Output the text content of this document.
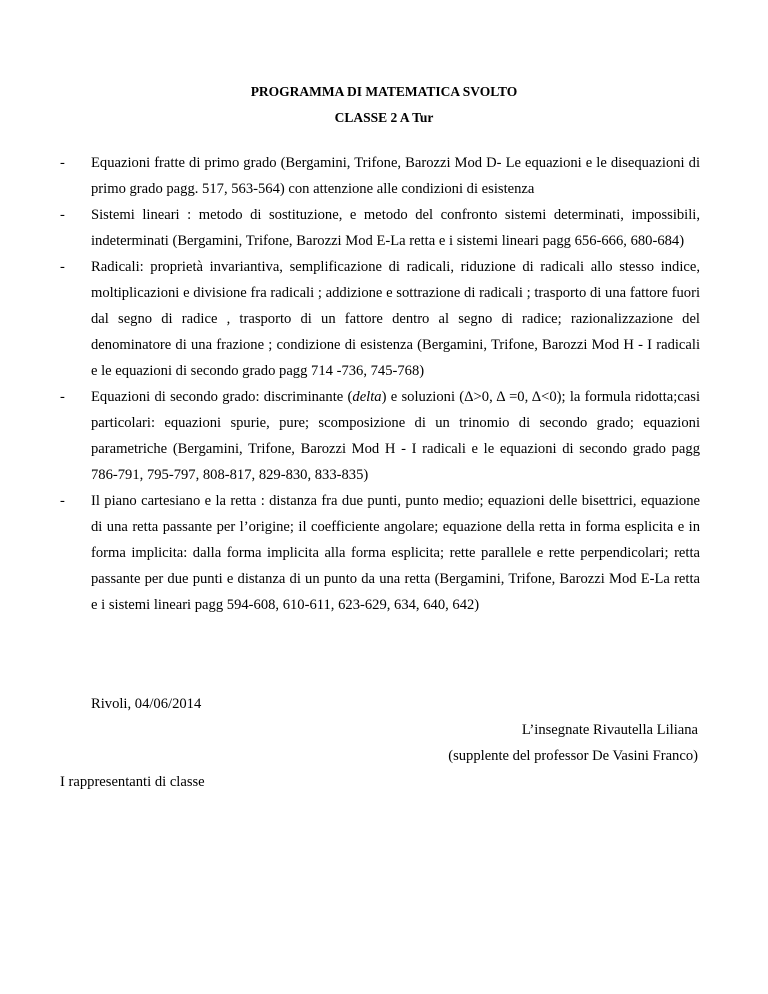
PROGRAMMA DI MATEMATICA SVOLTO
CLASSE 2 A Tur
- Equazioni fratte di primo grado (Bergamini, Trifone, Barozzi Mod D- Le equazioni e le disequazioni di primo grado pagg. 517, 563-564) con attenzione alle condizioni di esistenza
- Sistemi lineari : metodo di sostituzione, e metodo del confronto sistemi determinati, impossibili, indeterminati (Bergamini, Trifone, Barozzi Mod E-La retta e i sistemi lineari pagg 656-666, 680-684)
- Radicali: proprietà invariantiva, semplificazione di radicali, riduzione di radicali allo stesso indice, moltiplicazioni e divisione fra radicali ; addizione e sottrazione di radicali ; trasporto di una fattore fuori dal segno di radice , trasporto di un fattore dentro al segno di radice; razionalizzazione del denominatore di una frazione ; condizione di esistenza (Bergamini, Trifone, Barozzi Mod H - I radicali e le equazioni di secondo grado pagg 714 -736, 745-768)
- Equazioni di secondo grado: discriminante (delta) e soluzioni (Δ>0, Δ =0, Δ<0); la formula ridotta;casi particolari: equazioni spurie, pure; scomposizione di un trinomio di secondo grado; equazioni parametriche (Bergamini, Trifone, Barozzi Mod H - I radicali e le equazioni di secondo grado pagg 786-791, 795-797, 808-817, 829-830, 833-835)
- Il piano cartesiano e la retta : distanza fra due punti, punto medio; equazioni delle bisettrici, equazione di una retta passante per l’origine; il coefficiente angolare; equazione della retta in forma esplicita e in forma implicita: dalla forma implicita alla forma esplicita; rette parallele e rette perpendicolari; retta passante per due punti e distanza di un punto da una retta (Bergamini, Trifone, Barozzi Mod E-La retta e i sistemi lineari pagg 594-608, 610-611, 623-629, 634, 640, 642)
Rivoli, 04/06/2014
L’insegnate Rivautella Liliana
(supplente del professor De Vasini Franco)
I rappresentanti di classe
